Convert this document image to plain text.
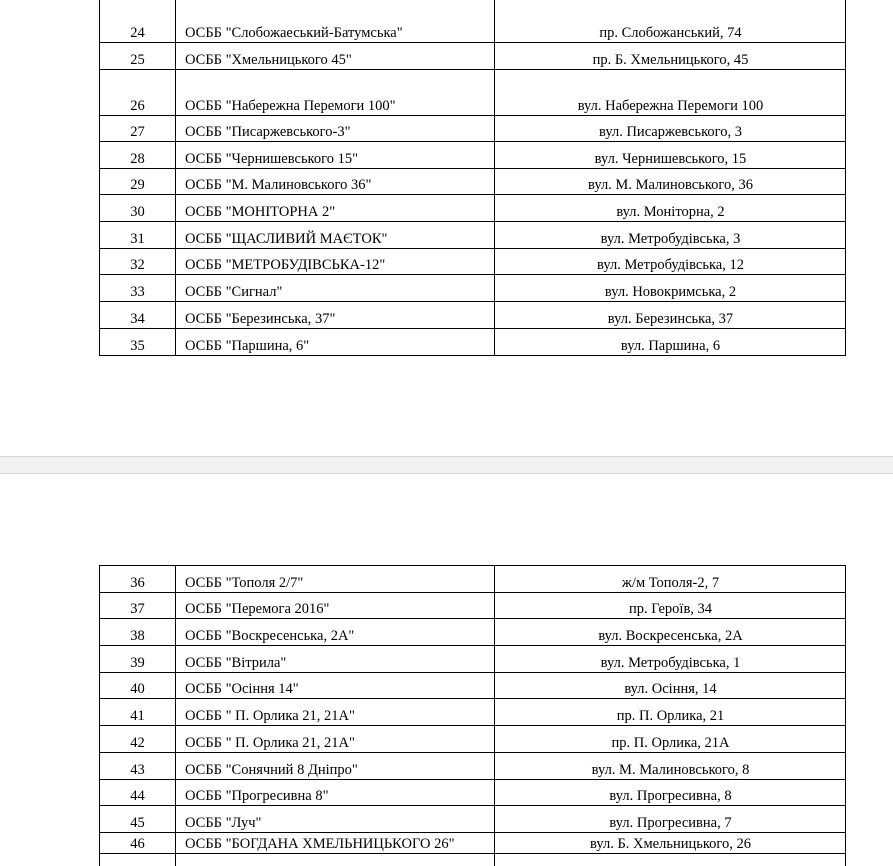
24	ОСББ "Слобожаеський-Батумська"	пр. Слобожанський, 74
25	ОСББ "Хмельницького 45"	пр. Б. Хмельницького, 45
26	ОСББ "Набережна Перемоги 100"	вул. Набережна Перемоги 100
27	ОСББ "Писаржевського-3"	вул. Писаржевського, 3
28	ОСББ "Чернишевського 15"	вул. Чернишевського, 15
29	ОСББ "М. Малиновського 36"	вул. М. Малиновського, 36
30	ОСББ "МОНІТОРНА 2"	вул. Моніторна, 2
31	ОСББ "ЩАСЛИВИЙ МАЄТОК"	вул. Метробудівська, 3
32	ОСББ "МЕТРОБУДІВСЬКА-12"	вул. Метробудівська, 12
33	ОСББ "Сигнал"	вул. Новокримська, 2
34	ОСББ "Березинська, 37"	вул. Березинська, 37
35	ОСББ "Паршина, 6"	вул. Паршина, 6
36	ОСББ "Тополя 2/7"	ж/м Тополя-2, 7
37	ОСББ "Перемога 2016"	пр. Героїв, 34
38	ОСББ "Воскресенська, 2А"	вул. Воскресенська, 2А
39	ОСББ "Вітрила"	вул. Метробудівська, 1
40	ОСББ "Осіння 14"	вул. Осіння, 14
41	ОСББ " П. Орлика 21, 21А"	пр. П. Орлика, 21
42	ОСББ " П. Орлика 21, 21А"	пр. П. Орлика, 21А
43	ОСББ "Сонячний 8 Дніпро"	вул. М. Малиновського, 8
44	ОСББ "Прогресивна 8"	вул. Прогресивна, 8
45	ОСББ "Луч"	вул. Прогресивна, 7
46	ОСББ "БОГДАНА ХМЕЛЬНИЦЬКОГО 26"	вул. Б. Хмельницького, 26
